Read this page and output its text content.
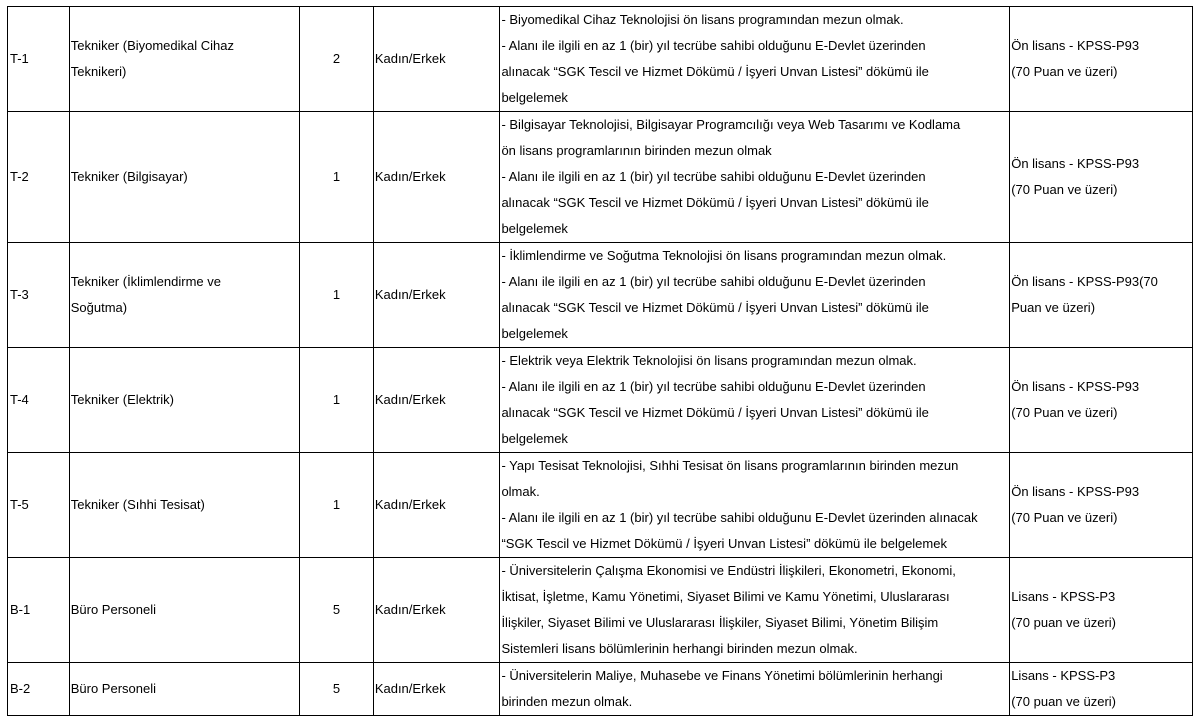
T-1	Tekniker (Biyomedikal Cihaz
Teknikeri)	2	Kadın/Erkek	- Biyomedikal Cihaz Teknolojisi ön lisans programından mezun olmak.
- Alanı ile ilgili en az 1 (bir) yıl tecrübe sahibi olduğunu E-Devlet üzerinden
alınacak “SGK Tescil ve Hizmet Dökümü / İşyeri Unvan Listesi” dökümü ile
belgelemek	Ön lisans - KPSS-P93
(70 Puan ve üzeri)

T-2	Tekniker (Bilgisayar)	1	Kadın/Erkek	- Bilgisayar Teknolojisi, Bilgisayar Programcılığı veya Web Tasarımı ve Kodlama
ön lisans programlarının birinden mezun olmak
- Alanı ile ilgili en az 1 (bir) yıl tecrübe sahibi olduğunu E-Devlet üzerinden
alınacak “SGK Tescil ve Hizmet Dökümü / İşyeri Unvan Listesi” dökümü ile
belgelemek	Ön lisans - KPSS-P93
(70 Puan ve üzeri)

T-3	Tekniker (İklimlendirme ve
Soğutma)	1	Kadın/Erkek	- İklimlendirme ve Soğutma Teknolojisi ön lisans programından mezun olmak.
- Alanı ile ilgili en az 1 (bir) yıl tecrübe sahibi olduğunu E-Devlet üzerinden
alınacak “SGK Tescil ve Hizmet Dökümü / İşyeri Unvan Listesi” dökümü ile
belgelemek	Ön lisans - KPSS-P93(70
Puan ve üzeri)

T-4	Tekniker (Elektrik)	1	Kadın/Erkek	- Elektrik veya Elektrik Teknolojisi ön lisans programından mezun olmak.
- Alanı ile ilgili en az 1 (bir) yıl tecrübe sahibi olduğunu E-Devlet üzerinden
alınacak “SGK Tescil ve Hizmet Dökümü / İşyeri Unvan Listesi” dökümü ile
belgelemek	Ön lisans - KPSS-P93
(70 Puan ve üzeri)

T-5	Tekniker (Sıhhi Tesisat)	1	Kadın/Erkek	- Yapı Tesisat Teknolojisi, Sıhhi Tesisat ön lisans programlarının birinden mezun
olmak.
- Alanı ile ilgili en az 1 (bir) yıl tecrübe sahibi olduğunu E-Devlet üzerinden alınacak
“SGK Tescil ve Hizmet Dökümü / İşyeri Unvan Listesi” dökümü ile belgelemek	Ön lisans - KPSS-P93
(70 Puan ve üzeri)

B-1	Büro Personeli	5	Kadın/Erkek	- Üniversitelerin Çalışma Ekonomisi ve Endüstri İlişkileri, Ekonometri, Ekonomi,
İktisat, İşletme, Kamu Yönetimi, Siyaset Bilimi ve Kamu Yönetimi, Uluslararası
İlişkiler, Siyaset Bilimi ve Uluslararası İlişkiler, Siyaset Bilimi, Yönetim Bilişim
Sistemleri lisans bölümlerinin herhangi birinden mezun olmak.	Lisans - KPSS-P3
(70 puan ve üzeri)

B-2	Büro Personeli	5	Kadın/Erkek	- Üniversitelerin Maliye, Muhasebe ve Finans Yönetimi bölümlerinin herhangi
birinden mezun olmak.	Lisans - KPSS-P3
(70 puan ve üzeri)
